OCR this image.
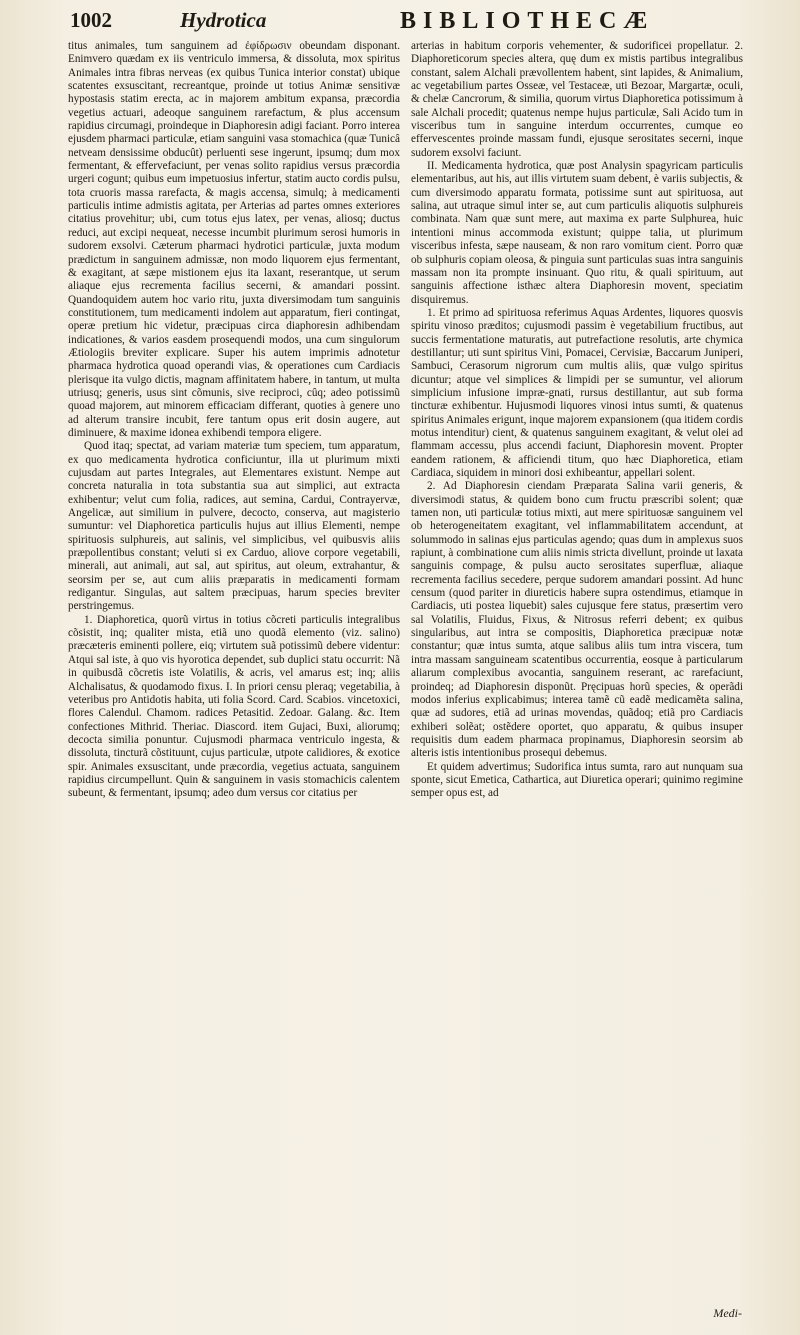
1002	Hydrotica	BIBLIOTHECÆ

titus animales, tum sanguinem ad ἐφίδρωσιν obeundam disponant. Enimvero quædam ex iis ventriculo immersa, & dissoluta, mox spiritus Animales intra fibras nerveas (ex quibus Tunica interior constat) ubique scatentes exsuscitant, recreantque, proinde ut totius Animæ sensitivæ hypostasis statim erecta, ac in majorem ambitum expansa, præcordia vegetius actuari, adeoque sanguinem rarefactum, & plus accensum rapidius circumagi, proindeque in Diaphoresin adigi faciant. Porro interea ejusdem pharmaci particulæ, etiam sanguini vasa stomachica (quæ Tunicâ netveam densissime obducût) perluenti sese ingerunt, ipsumq; dum mox fermentant, & effervefaciunt, per venas solito rapidius versus præcordia urgeri cogunt; quibus eum impetuosius infertur, statim aucto cordis pulsu, tota cruoris massa rarefacta, & magis accensa, simulq; à medicamenti particulis intime admistis agitata, per Arterias ad partes omnes exteriores citatius provehitur; ubi, cum totus ejus latex, per venas, aliosq; ductus reduci, aut excipi nequeat, necesse incumbit plurimum serosi humoris in sudorem exsolvi. Cæterum pharmaci hydrotici particulæ, juxta modum prædictum in sanguinem admissæ, non modo liquorem ejus fermentant, & exagitant, at sæpe mistionem ejus ita laxant, reserantque, ut serum aliaque ejus recrementa facilius secerni, & amandari possint. Quandoquidem autem hoc vario ritu, juxta diversimodam tum sanguinis constitutionem, tum medicamenti indolem aut apparatum, fieri contingat, operæ pretium hic videtur, præcipuas circa diaphoresin adhibendam indicationes, & varios easdem prosequendi modos, una cum singulorum Ætiologiis breviter explicare. Super his autem imprimis adnotetur pharmaca hydrotica quoad operandi vias, & operationes cum Cardiacis plerisque ita vulgo dictis, magnam affinitatem habere, in tantum, ut multa utriusq; generis, usus sint cõmunis, sive reciproci, cûq; adeo potissimũ quoad majorem, aut minorem efficaciam differant, quoties à genere uno ad alterum transire incubit, fere tantum opus erit dosin augere, aut diminuere, & maxime idonea exhibendi tempora eligere.

Quod itaq; spectat, ad variam materiæ tum speciem, tum apparatum, ex quo medicamenta hydrotica conficiuntur, illa ut plurimum mixti cujusdam aut partes Integrales, aut Elementares existunt. Nempe aut concreta naturalia in tota substantia sua aut simplici, aut extracta exhibentur; velut cum folia, radices, aut semina, Cardui, Contrayervæ, Angelicæ, aut similium in pulvere, decocto, conserva, aut magisterio sumuntur: vel Diaphoretica particulis hujus aut illius Elementi, nempe spirituosis sulphureis, aut salinis, vel simplicibus, vel quibusvis aliis præpollentibus constant; veluti si ex Carduo, aliove corpore vegetabili, minerali, aut animali, aut sal, aut spiritus, aut oleum, extrahantur, & seorsim per se, aut cum aliis præparatis in medicamenti formam redigantur. Singulas, aut saltem præcipuas, harum species breviter perstringemus.

1. Diaphoretica, quorũ virtus in totius cõcreti particulis integralibus cõsistit, inq; qualiter mista, etiã uno quodã elemento (viz. salino) præcæteris eminenti pollere, eiq; virtutem suã potissimũ debere videntur: Atqui sal iste, à quo vis hyorotica dependet, sub duplici statu occurrit: Nã in quibusdã cõcretis iste Volatilis, & acris, vel amarus est; inq; aliis Alchalisatus, & quodamodo fixus. I. In priori censu pleraq; vegetabilia, à veteribus pro Antidotis habita, uti folia Scord. Card. Scabios. vincetoxici, flores Calendul. Chamom. radices Petasitid. Zedoar. Galang. &c. Item confectiones Mithrid. Theriac. Diascord. item Gujaci, Buxi, aliorumq; decocta similia ponuntur. Cujusmodi pharmaca ventriculo ingesta, & dissoluta, tincturã cõstituunt, cujus particulæ, utpote calidiores, & exotice spir. Animales exsuscitant, unde præcordia, vegetius actuata, sanguinem rapidius circumpellunt. Quin & sanguinem in vasis stomachicis calentem subeunt, & fermentant, ipsumq; adeo dum versus cor citatius per

arterias in habitum corporis vehementer, & sudorificei propellatur. 2. Diaphoreticorum species altera, quę dum ex mistis partibus integralibus constant, salem Alchali prævollentem habent, sint lapides, & Animalium, ac vegetabilium partes Osseæ, vel Testaceæ, uti Bezoar, Margartæ, oculi, & chelæ Cancrorum, & similia, quorum virtus Diaphoretica potissimum à sale Alchali procedit; quatenus nempe hujus particulæ, Sali Acido tum in visceribus tum in sanguine interdum occurrentes, cumque eo effervescentes proinde massam fundi, ejusque serositates secerni, inque sudorem exsolvi faciunt.

II. Medicamenta hydrotica, quæ post Analysin spagyricam particulis elementaribus, aut his, aut illis virtutem suam debent, è variis subjectis, & cum diversimodo apparatu formata, potissime sunt aut spirituosa, aut salina, aut utraque simul inter se, aut cum particulis aliquotis sulphureis combinata. Nam quæ sunt mere, aut maxima ex parte Sulphurea, huic intentioni minus accommoda existunt; quippe talia, ut plurimum visceribus infesta, sæpe nauseam, & non raro vomitum cient. Porro quæ ob sulphuris copiam oleosa, & pinguia sunt particulas suas intra sanguinis massam non ita prompte insinuant. Quo ritu, & quali spirituum, aut sanguinis affectione isthæc altera Diaphoresin movent, speciatim disquiremus.

1. Et primo ad spirituosa referimus Aquas Ardentes, liquores quosvis spiritu vinoso præditos; cujusmodi passim è vegetabilium fructibus, aut succis fermentatione maturatis, aut putrefactione resolutis, arte chymica destillantur; uti sunt spiritus Vini, Pomacei, Cervisiæ, Baccarum Juniperi, Sambuci, Cerasorum nigrorum cum multis aliis, quæ vulgo spiritus dicuntur; atque vel simplices & limpidi per se sumuntur, vel aliorum simplicium infusione impræ-gnati, rursus destillantur, aut sub forma tincturæ exhibentur. Hujusmodi liquores vinosi intus sumti, & quatenus spiritus Animales erigunt, inque majorem expansionem (qua itidem cordis motus intenditur) cient, & quatenus sanguinem exagitant, & velut olei ad flammam accessu, plus accendi faciunt, Diaphoresin movent. Propter eandem rationem, & afficiendi titum, quo hæc Diaphoretica, etiam Cardiaca, siquidem in minori dosi exhibeantur, appellari solent.

2. Ad Diaphoresin ciendam Præparata Salina varii generis, & diversimodi status, & quidem bono cum fructu præscribi solent; quæ tamen non, uti particulæ totius mixti, aut mere spirituosæ sanguinem vel ob heterogeneitatem exagitant, vel inflammabilitatem accendunt, at solummodo in salinas ejus particulas agendo; quas dum in amplexus suos rapiunt, à combinatione cum aliis nimis stricta divellunt, proinde ut laxata sanguinis compage, & pulsu aucto serositates superfluæ, aliaque recrementa facilius secedere, perque sudorem amandari possint. Ad hunc censum (quod pariter in diureticis habere supra ostendimus, etiamque in Cardiacis, uti postea liquebit) sales cujusque fere status, præsertim vero sal Volatilis, Fluidus, Fixus, & Nitrosus referri debent; ex quibus singularibus, aut intra se compositis, Diaphoretica præcipuæ notæ constantur; quæ intus sumta, atque salibus aliis tum intra viscera, tum intra massam sanguineam scatentibus occurrentia, eosque à particularum aliarum complexibus avocantia, sanguinem reserant, ac rarefaciunt, proindeq; ad Diaphoresin disponũt. Pręcipuas horũ species, & operãdi modos inferius explicabimus; interea tamẽ cũ eadẽ medicamẽta salina, quæ ad sudores, etiã ad urinas movendas, quãdoq; etiã pro Cardiacis exhiberi solẽat; ostẽdere oportet, quo apparatu, & quibus insuper requisitis dum eadem pharmaca propinamus, Diaphoresin seorsim ab alteris istis intentionibus prosequi debemus.

Et quidem advertimus; Sudorifica intus sumta, raro aut nunquam sua sponte, sicut Emetica, Cathartica, aut Diuretica operari; quinimo regimine semper opus est, ad

Medi-
